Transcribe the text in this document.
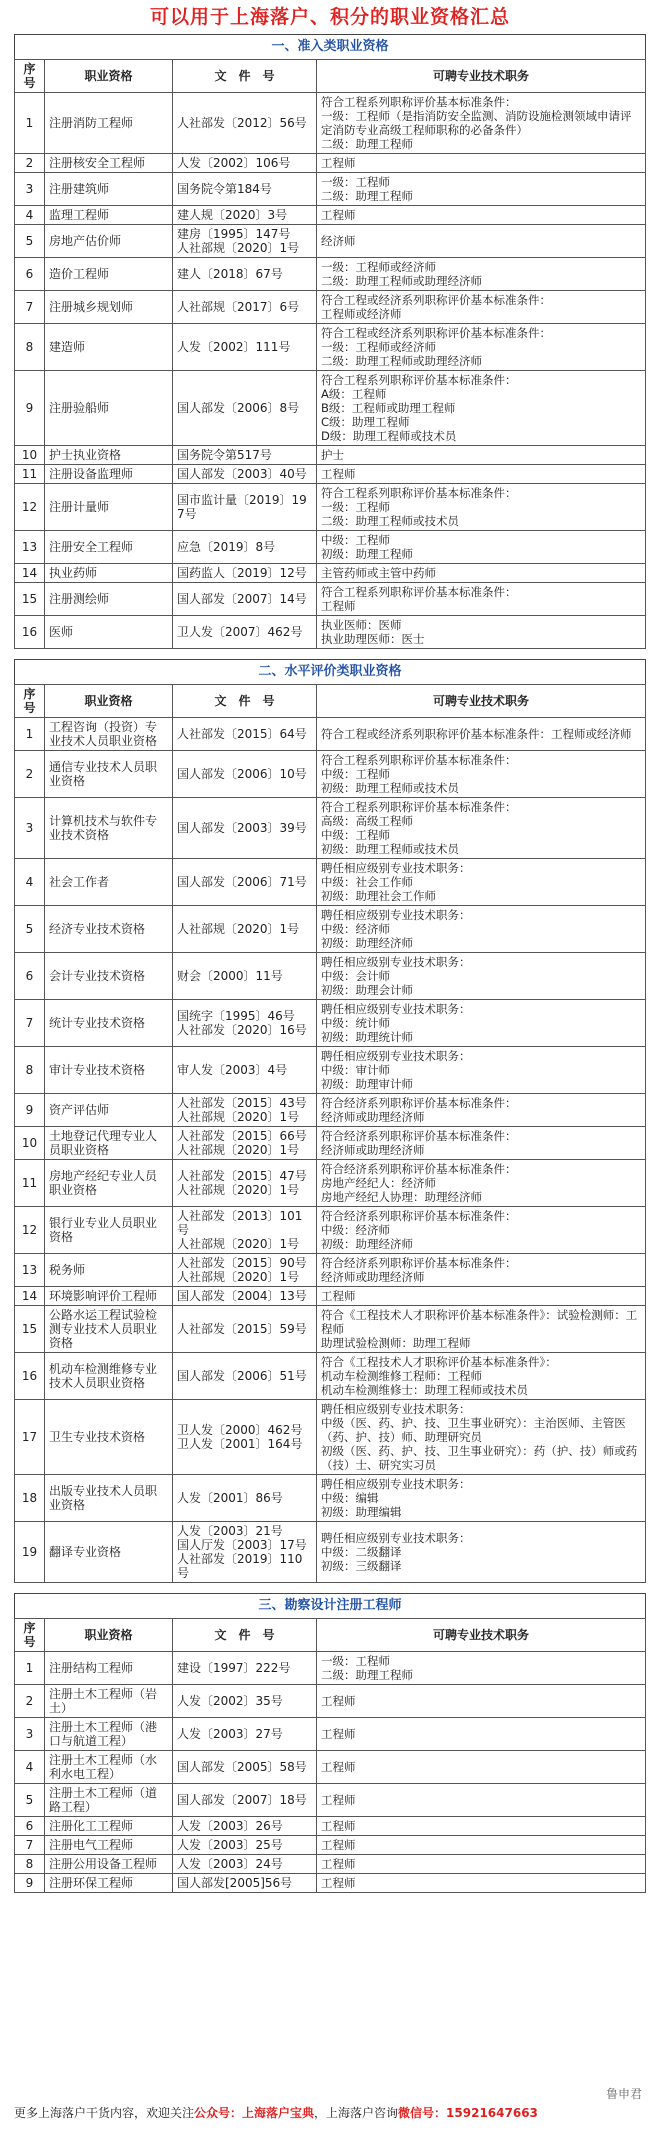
可以用于上海落户、积分的职业资格汇总
一、准入类职业资格
序号	职业资格	文　件　号	可聘专业技术职务
1	注册消防工程师	人社部发〔2012〕56号	符合工程系列职称评价基本标准条件：
一级：工程师（是指消防安全监测、消防设施检测领域申请评定消防专业高级工程师职称的必备条件）
二级：助理工程师
2	注册核安全工程师	人发〔2002〕106号	工程师
3	注册建筑师	国务院令第184号	一级：工程师
二级：助理工程师
4	监理工程师	建人规〔2020〕3号	工程师
5	房地产估价师	建房〔1995〕147号
人社部规〔2020〕1号	经济师
6	造价工程师	建人〔2018〕67号	一级：工程师或经济师
二级：助理工程师或助理经济师
7	注册城乡规划师	人社部规〔2017〕6号	符合工程或经济系列职称评价基本标准条件：
工程师或经济师
8	建造师	人发〔2002〕111号	符合工程或经济系列职称评价基本标准条件：
一级：工程师或经济师
二级：助理工程师或助理经济师
9	注册验船师	国人部发〔2006〕8号	符合工程系列职称评价基本标准条件：
A级：工程师
B级：工程师或助理工程师
C级：助理工程师
D级：助理工程师或技术员
10	护士执业资格	国务院令第517号	护士
11	注册设备监理师	国人部发〔2003〕40号	工程师
12	注册计量师	国市监计量〔2019〕197号	符合工程系列职称评价基本标准条件：
一级：工程师
二级：助理工程师或技术员
13	注册安全工程师	应急〔2019〕8号	中级：工程师
初级：助理工程师
14	执业药师	国药监人〔2019〕12号	主管药师或主管中药师
15	注册测绘师	国人部发〔2007〕14号	符合工程系列职称评价基本标准条件：
工程师
16	医师	卫人发〔2007〕462号	执业医师：医师
执业助理医师：医士
二、水平评价类职业资格
序号	职业资格	文　件　号	可聘专业技术职务
1	工程咨询（投资）专业技术人员职业资格	人社部发〔2015〕64号	符合工程或经济系列职称评价基本标准条件：工程师或经济师
2	通信专业技术人员职业资格	国人部发〔2006〕10号	符合工程系列职称评价基本标准条件：
中级：工程师
初级：助理工程师或技术员
3	计算机技术与软件专业技术资格	国人部发〔2003〕39号	符合工程系列职称评价基本标准条件：
高级：高级工程师
中级：工程师
初级：助理工程师或技术员
4	社会工作者	国人部发〔2006〕71号	聘任相应级别专业技术职务：
中级：社会工作师
初级：助理社会工作师
5	经济专业技术资格	人社部规〔2020〕1号	聘任相应级别专业技术职务：
中级：经济师
初级：助理经济师
6	会计专业技术资格	财会〔2000〕11号	聘任相应级别专业技术职务：
中级：会计师
初级：助理会计师
7	统计专业技术资格	国统字〔1995〕46号
人社部发〔2020〕16号	聘任相应级别专业技术职务：
中级：统计师
初级：助理统计师
8	审计专业技术资格	审人发〔2003〕4号	聘任相应级别专业技术职务：
中级：审计师
初级：助理审计师
9	资产评估师	人社部发〔2015〕43号
人社部规〔2020〕1号	符合经济系列职称评价基本标准条件：
经济师或助理经济师
10	土地登记代理专业人员职业资格	人社部发〔2015〕66号
人社部规〔2020〕1号	符合经济系列职称评价基本标准条件：
经济师或助理经济师
11	房地产经纪专业人员职业资格	人社部发〔2015〕47号
人社部规〔2020〕1号	符合经济系列职称评价基本标准条件：
房地产经纪人：经济师
房地产经纪人协理：助理经济师
12	银行业专业人员职业资格	人社部发〔2013〕101号
人社部规〔2020〕1号	符合经济系列职称评价基本标准条件：
中级：经济师
初级：助理经济师
13	税务师	人社部发〔2015〕90号
人社部规〔2020〕1号	符合经济系列职称评价基本标准条件：
经济师或助理经济师
14	环境影响评价工程师	国人部发〔2004〕13号	工程师
15	公路水运工程试验检测专业技术人员职业资格	人社部发〔2015〕59号	符合《工程技术人才职称评价基本标准条件》：试验检测师：工程师
助理试验检测师：助理工程师
16	机动车检测维修专业技术人员职业资格	国人部发〔2006〕51号	符合《工程技术人才职称评价基本标准条件》：
机动车检测维修工程师：工程师
机动车检测维修士：助理工程师或技术员
17	卫生专业技术资格	卫人发〔2000〕462号
卫人发〔2001〕164号	聘任相应级别专业技术职务：
中级（医、药、护、技、卫生事业研究）：主治医师、主管医（药、护、技）师、助理研究员
初级（医、药、护、技、卫生事业研究）：药（护、技）师或药（技）士、研究实习员
18	出版专业技术人员职业资格	人发〔2001〕86号	聘任相应级别专业技术职务：
中级：编辑
初级：助理编辑
19	翻译专业资格	人发〔2003〕21号
国人厅发〔2003〕17号
人社部发〔2019〕110号	聘任相应级别专业技术职务：
中级：二级翻译
初级：三级翻译
三、勘察设计注册工程师
序号	职业资格	文　件　号	可聘专业技术职务
1	注册结构工程师	建设〔1997〕222号	一级：工程师
二级：助理工程师
2	注册土木工程师（岩土）	人发〔2002〕35号	工程师
3	注册土木工程师（港口与航道工程）	人发〔2003〕27号	工程师
4	注册土木工程师（水利水电工程）	国人部发〔2005〕58号	工程师
5	注册土木工程师（道路工程）	国人部发〔2007〕18号	工程师
6	注册化工工程师	人发〔2003〕26号	工程师
7	注册电气工程师	人发〔2003〕25号	工程师
8	注册公用设备工程师	人发〔2003〕24号	工程师
9	注册环保工程师	国人部发[2005]56号	工程师
鲁申君
更多上海落户干货内容，欢迎关注公众号：上海落户宝典，上海落户咨询微信号：15921647663
